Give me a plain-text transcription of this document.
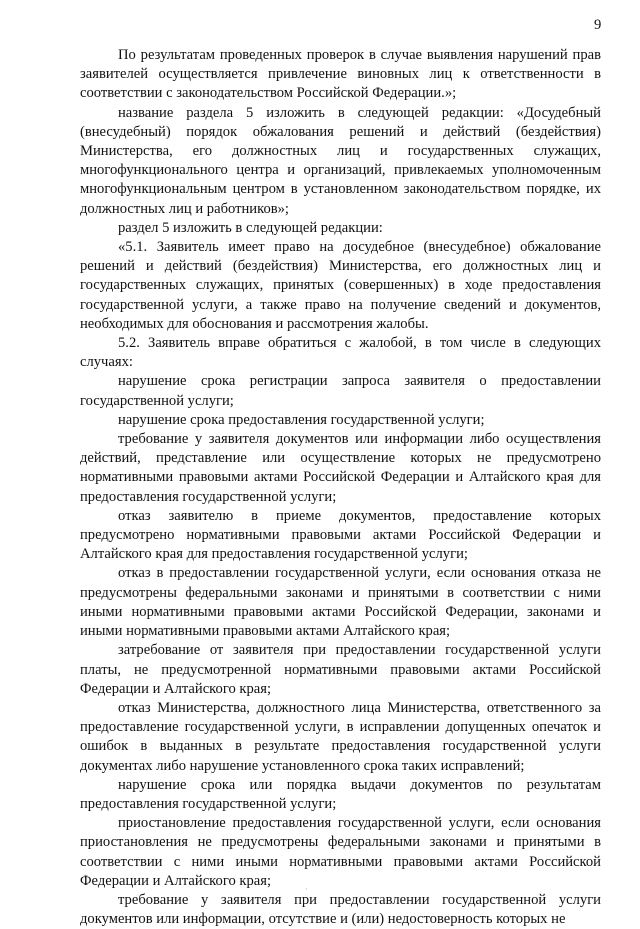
9

По результатам проведенных проверок в случае выявления нарушений прав заявителей осуществляется привлечение виновных лиц к ответственности в соответствии с законодательством Российской Федерации.»;

название раздела 5 изложить в следующей редакции: «Досудебный (внесудебный) порядок обжалования решений и действий (бездействия) Министерства, его должностных лиц и государственных служащих, многофункционального центра и организаций, привлекаемых уполномоченным многофункциональным центром в установленном законодательством порядке, их должностных лиц и работников»;

раздел 5 изложить в следующей редакции:

«5.1. Заявитель имеет право на досудебное (внесудебное) обжалование решений и действий (бездействия) Министерства, его должностных лиц и государственных служащих, принятых (совершенных) в ходе предоставления государственной услуги, а также право на получение сведений и документов, необходимых для обоснования и рассмотрения жалобы.

5.2. Заявитель вправе обратиться с жалобой, в том числе в следующих случаях:

нарушение срока регистрации запроса заявителя о предоставлении государственной услуги;

нарушение срока предоставления государственной услуги;

требование у заявителя документов или информации либо осуществления действий, представление или осуществление которых не предусмотрено нормативными правовыми актами Российской Федерации и Алтайского края для предоставления государственной услуги;

отказ заявителю в приеме документов, предоставление которых предусмотрено нормативными правовыми актами Российской Федерации и Алтайского края для предоставления государственной услуги;

отказ в предоставлении государственной услуги, если основания отказа не предусмотрены федеральными законами и принятыми в соответствии с ними иными нормативными правовыми актами Российской Федерации, законами и иными нормативными правовыми актами Алтайского края;

затребование от заявителя при предоставлении государственной услуги платы, не предусмотренной нормативными правовыми актами Российской Федерации и Алтайского края;

отказ Министерства, должностного лица Министерства, ответственного за предоставление государственной услуги, в исправлении допущенных опечаток и ошибок в выданных в результате предоставления государственной услуги документах либо нарушение установленного срока таких исправлений;

нарушение срока или порядка выдачи документов по результатам предоставления государственной услуги;

приостановление предоставления государственной услуги, если основания приостановления не предусмотрены федеральными законами и принятыми в соответствии с ними иными нормативными правовыми актами Российской Федерации и Алтайского края;

требование у заявителя при предоставлении государственной услуги документов или информации, отсутствие и (или) недостоверность которых не

·
